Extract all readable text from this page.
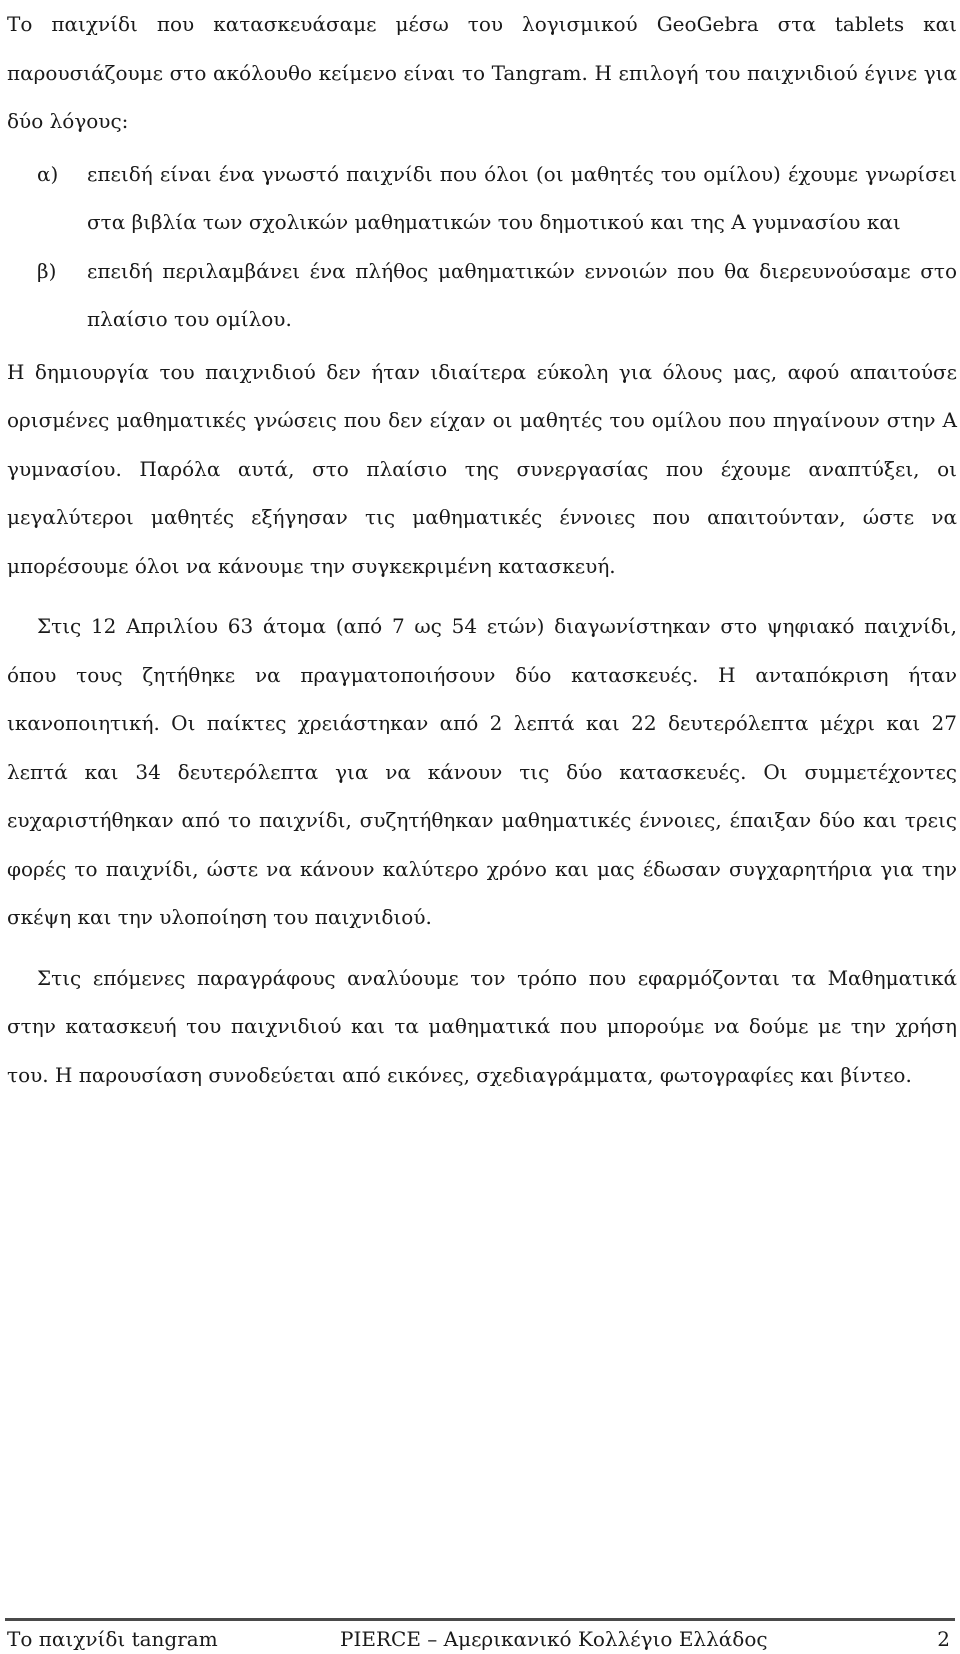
Το παιχνίδι που κατασκευάσαμε μέσω του λογισμικού GeoGebra στα tablets και παρουσιάζουμε στο ακόλουθο κείμενο είναι το Tangram. Η επιλογή του παιχνιδιού έγινε για δύο λόγους:

α) επειδή είναι ένα γνωστό παιχνίδι που όλοι (οι μαθητές του ομίλου) έχουμε γνωρίσει στα βιβλία των σχολικών μαθηματικών του δημοτικού και της Α γυμνασίου και
β) επειδή περιλαμβάνει ένα πλήθος μαθηματικών εννοιών που θα διερευνούσαμε στο πλαίσιο του ομίλου.

Η δημιουργία του παιχνιδιού δεν ήταν ιδιαίτερα εύκολη για όλους μας, αφού απαιτούσε ορισμένες μαθηματικές γνώσεις που δεν είχαν οι μαθητές του ομίλου που πηγαίνουν στην Α γυμνασίου. Παρόλα αυτά, στο πλαίσιο της συνεργασίας που έχουμε αναπτύξει, οι μεγαλύτεροι μαθητές εξήγησαν τις μαθηματικές έννοιες που απαιτούνταν, ώστε να μπορέσουμε όλοι να κάνουμε την συγκεκριμένη κατασκευή.

Στις 12 Απριλίου 63 άτομα (από 7 ως 54 ετών) διαγωνίστηκαν στο ψηφιακό παιχνίδι, όπου τους ζητήθηκε να πραγματοποιήσουν δύο κατασκευές. Η ανταπόκριση ήταν ικανοποιητική. Οι παίκτες χρειάστηκαν από 2 λεπτά και 22 δευτερόλεπτα μέχρι και 27 λεπτά και 34 δευτερόλεπτα για να κάνουν τις δύο κατασκευές. Οι συμμετέχοντες ευχαριστήθηκαν από το παιχνίδι, συζητήθηκαν μαθηματικές έννοιες, έπαιξαν δύο και τρεις φορές το παιχνίδι, ώστε να κάνουν καλύτερο χρόνο και μας έδωσαν συγχαρητήρια για την σκέψη και την υλοποίηση του παιχνιδιού.

Στις επόμενες παραγράφους αναλύουμε τον τρόπο που εφαρμόζονται τα Μαθηματικά στην κατασκευή του παιχνιδιού και τα μαθηματικά που μπορούμε να δούμε με την χρήση του. Η παρουσίαση συνοδεύεται από εικόνες, σχεδιαγράμματα, φωτογραφίες και βίντεο.

Το παιχνίδι tangram	PIERCE – Αμερικανικό Κολλέγιο Ελλάδος	2
